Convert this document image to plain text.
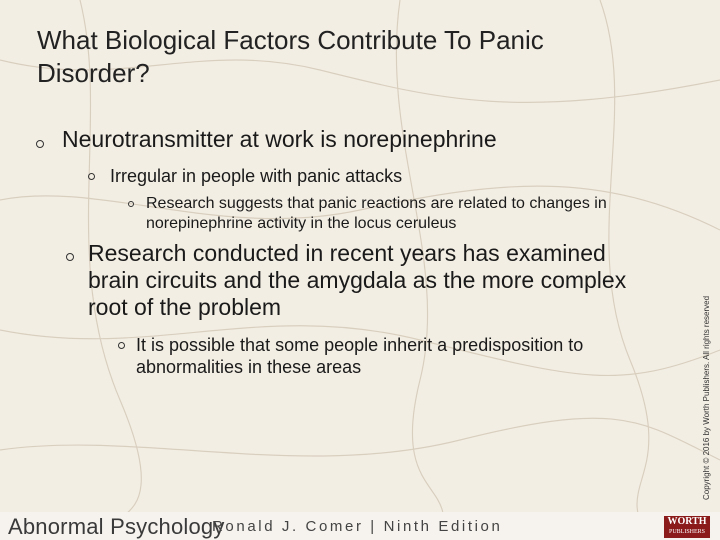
What Biological Factors Contribute To Panic Disorder?
Neurotransmitter at work is norepinephrine
Irregular in people with panic attacks
Research suggests that panic reactions are related to changes in norepinephrine activity in the locus ceruleus
Research conducted in recent years has examined brain circuits and the amygdala as the more complex root of the problem
It is possible that some people inherit a predisposition to abnormalities in these areas	Copyright © 2016 by Worth Publishers. All rights reserved
Abnormal Psychology
Ronald J. Comer | Ninth Edition	WORTH
PUBLISHERS
